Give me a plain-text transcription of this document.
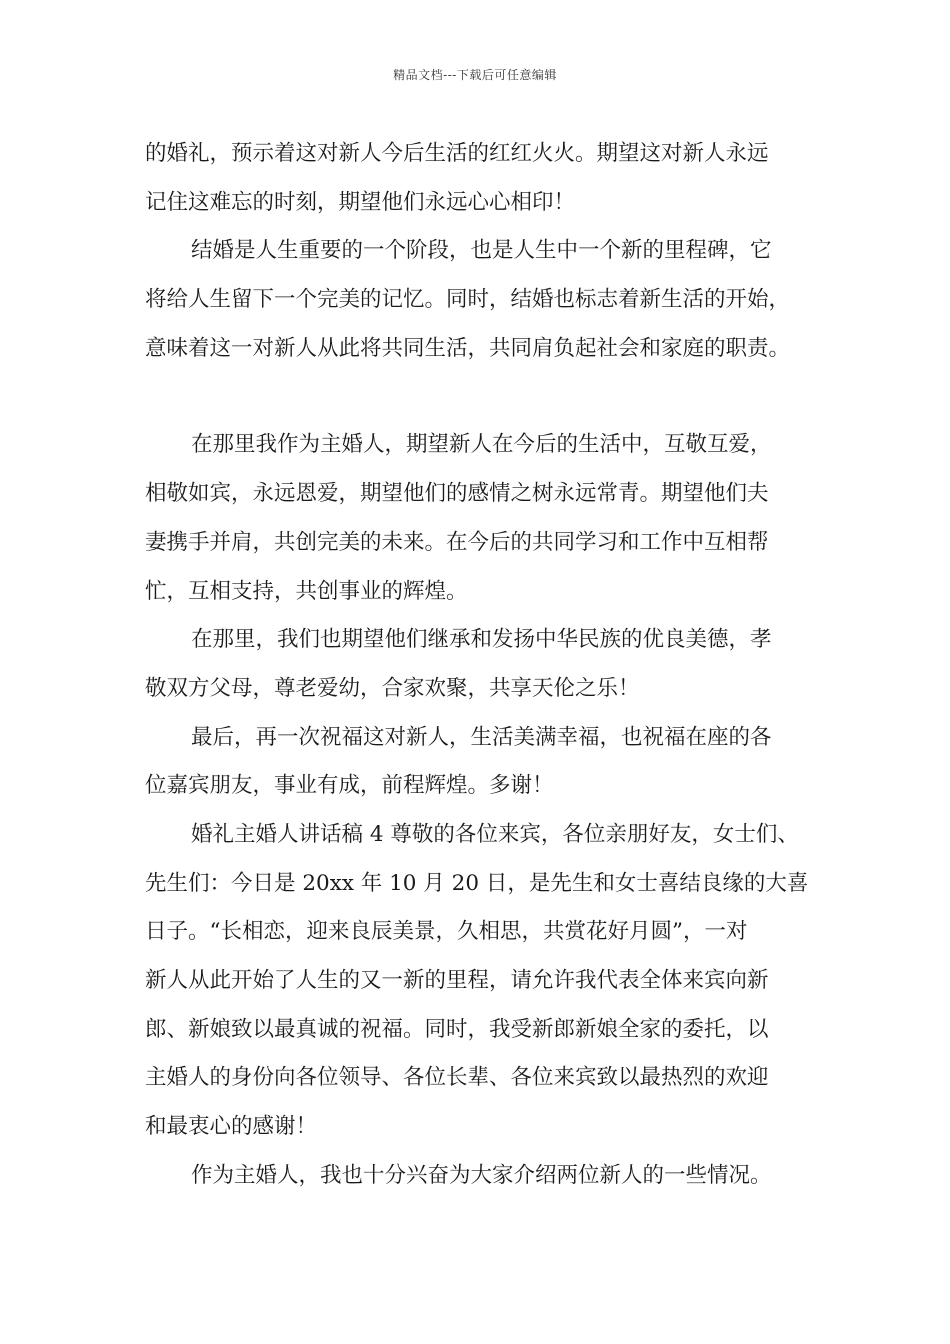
精品文档---下载后可任意编辑
的婚礼，预示着这对新人今后生活的红红火火。期望这对新人永远
记住这难忘的时刻，期望他们永远心心相印！
结婚是人生重要的一个阶段，也是人生中一个新的里程碑，它
将给人生留下一个完美的记忆。同时，结婚也标志着新生活的开始，
意味着这一对新人从此将共同生活，共同肩负起社会和家庭的职责。
在那里我作为主婚人，期望新人在今后的生活中，互敬互爱，
相敬如宾，永远恩爱，期望他们的感情之树永远常青。期望他们夫
妻携手并肩，共创完美的未来。在今后的共同学习和工作中互相帮
忙，互相支持，共创事业的辉煌。
在那里，我们也期望他们继承和发扬中华民族的优良美德，孝
敬双方父母，尊老爱幼，合家欢聚，共享天伦之乐！
最后，再一次祝福这对新人，生活美满幸福，也祝福在座的各
位嘉宾朋友，事业有成，前程辉煌。多谢！
婚礼主婚人讲话稿 4 尊敬的各位来宾，各位亲朋好友，女士们、
先生们：今日是 20xx 年 10 月 20 日，是先生和女士喜结良缘的大喜
日子。“长相恋，迎来良辰美景，久相思，共赏花好月圆”，一对
新人从此开始了人生的又一新的里程，请允许我代表全体来宾向新
郎、新娘致以最真诚的祝福。同时，我受新郎新娘全家的委托，以
主婚人的身份向各位领导、各位长辈、各位来宾致以最热烈的欢迎
和最衷心的感谢！
作为主婚人，我也十分兴奋为大家介绍两位新人的一些情况。
